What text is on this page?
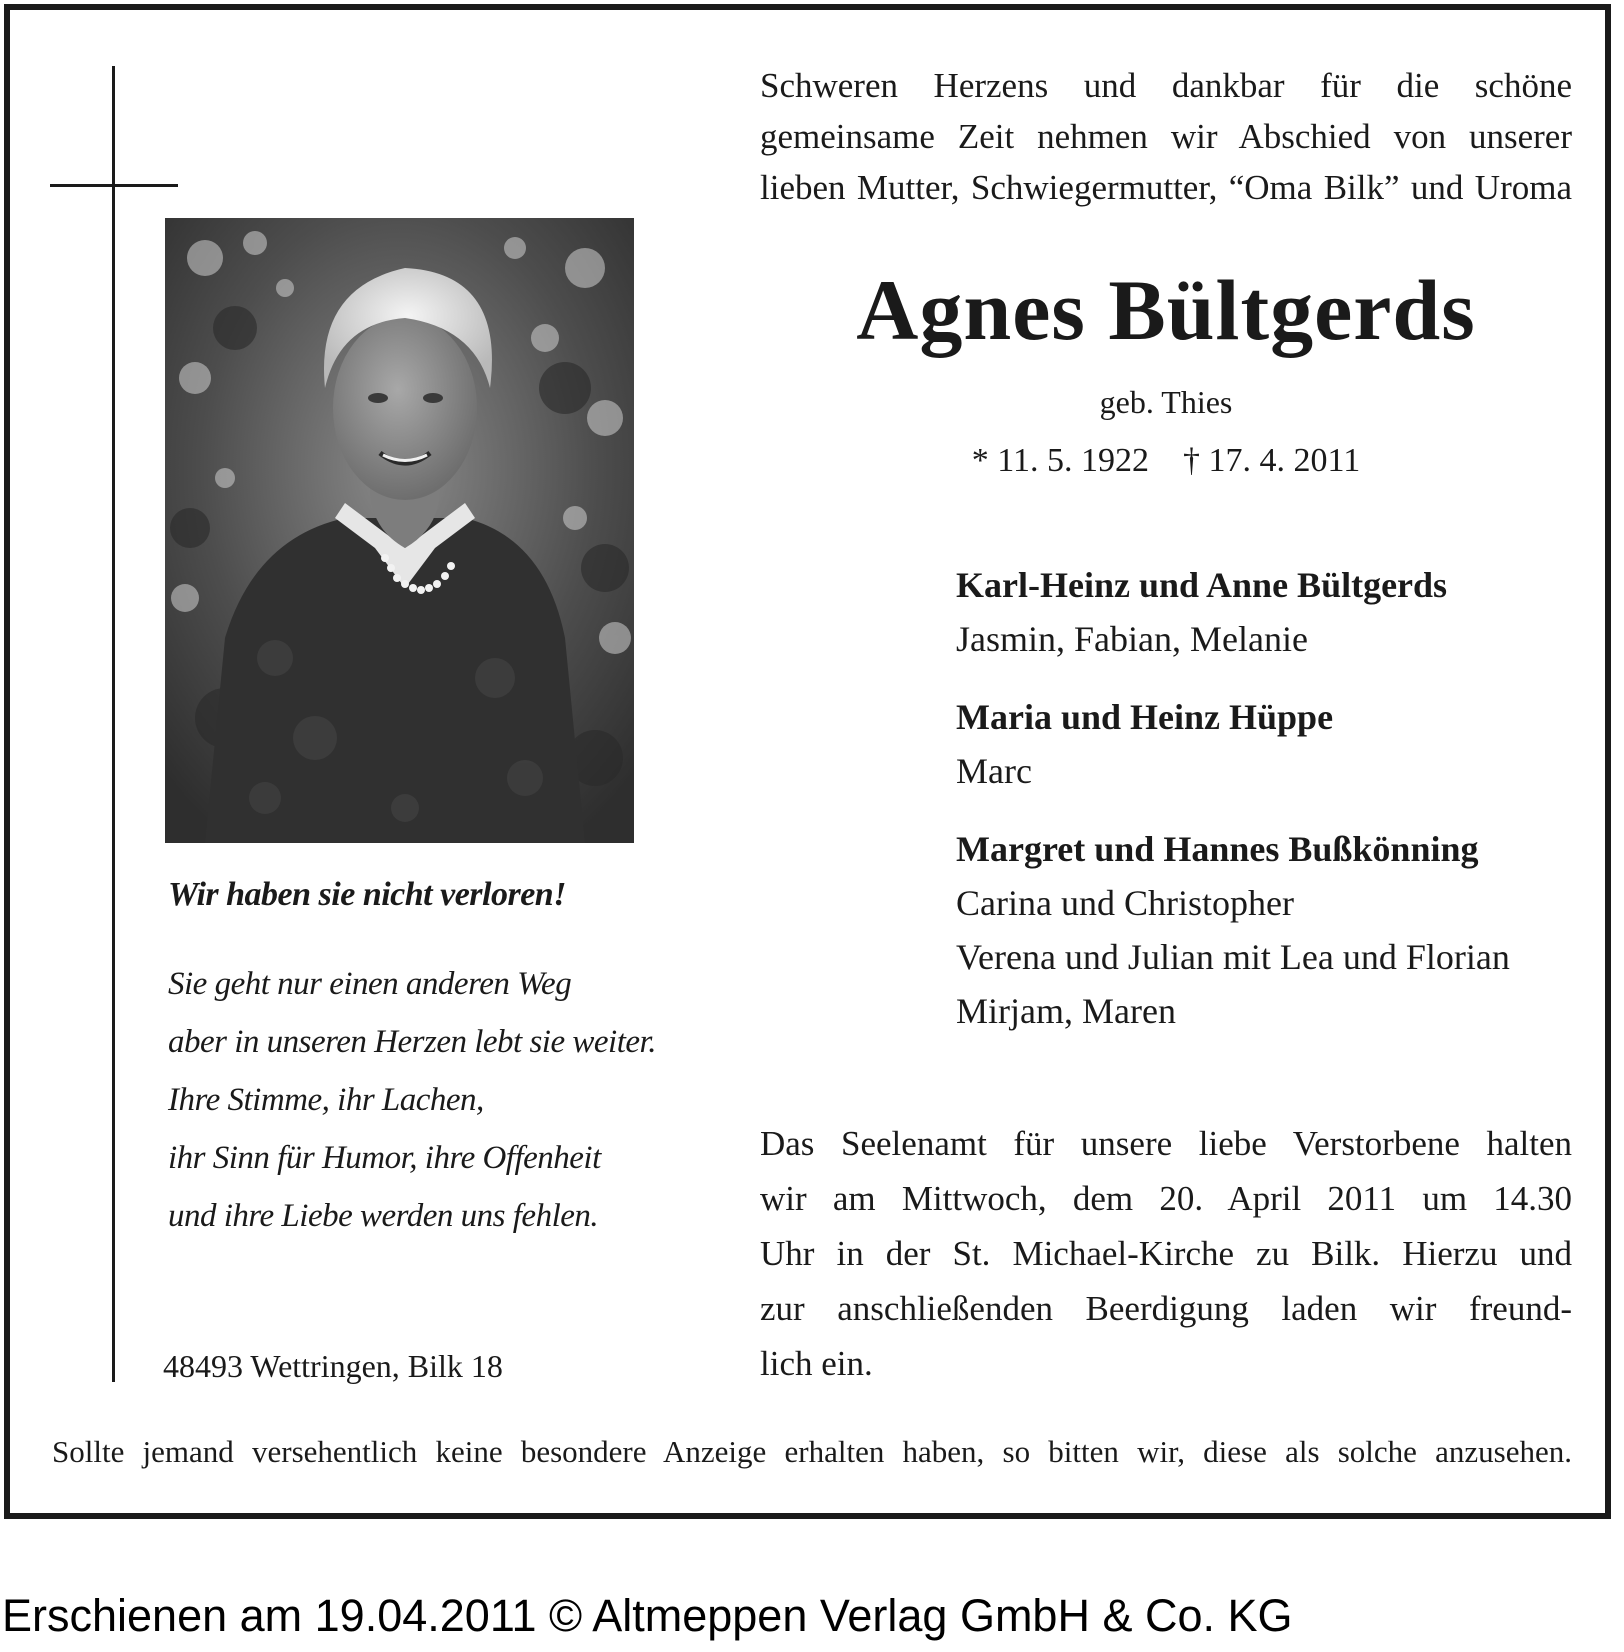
Schweren Herzens und dankbar für die schöne
gemeinsame Zeit nehmen wir Abschied von unserer
lieben Mutter, Schwiegermutter, “Oma Bilk” und Uroma
Agnes Bültgerds
geb. Thies
* 11. 5. 1922 † 17. 4. 2011
Karl-Heinz und Anne Bültgerds
Jasmin, Fabian, Melanie
Maria und Heinz Hüppe
Marc
Margret und Hannes Bußkönning
Carina und Christopher
Verena und Julian mit Lea und Florian
Mirjam, Maren
Wir haben sie nicht verloren!
Sie geht nur einen anderen Weg
aber in unseren Herzen lebt sie weiter.
Ihre Stimme, ihr Lachen,
ihr Sinn für Humor, ihre Offenheit
und ihre Liebe werden uns fehlen.
48493 Wettringen, Bilk 18
Das Seelenamt für unsere liebe Verstorbene halten
wir am Mittwoch, dem 20. April 2011 um 14.30
Uhr in der St. Michael-Kirche zu Bilk. Hierzu und
zur anschließenden Beerdigung laden wir freund-
lich ein.
Sollte jemand versehentlich keine besondere Anzeige erhalten haben, so bitten wir, diese als solche anzusehen.
Erschienen am 19.04.2011 © Altmeppen Verlag GmbH & Co. KG
